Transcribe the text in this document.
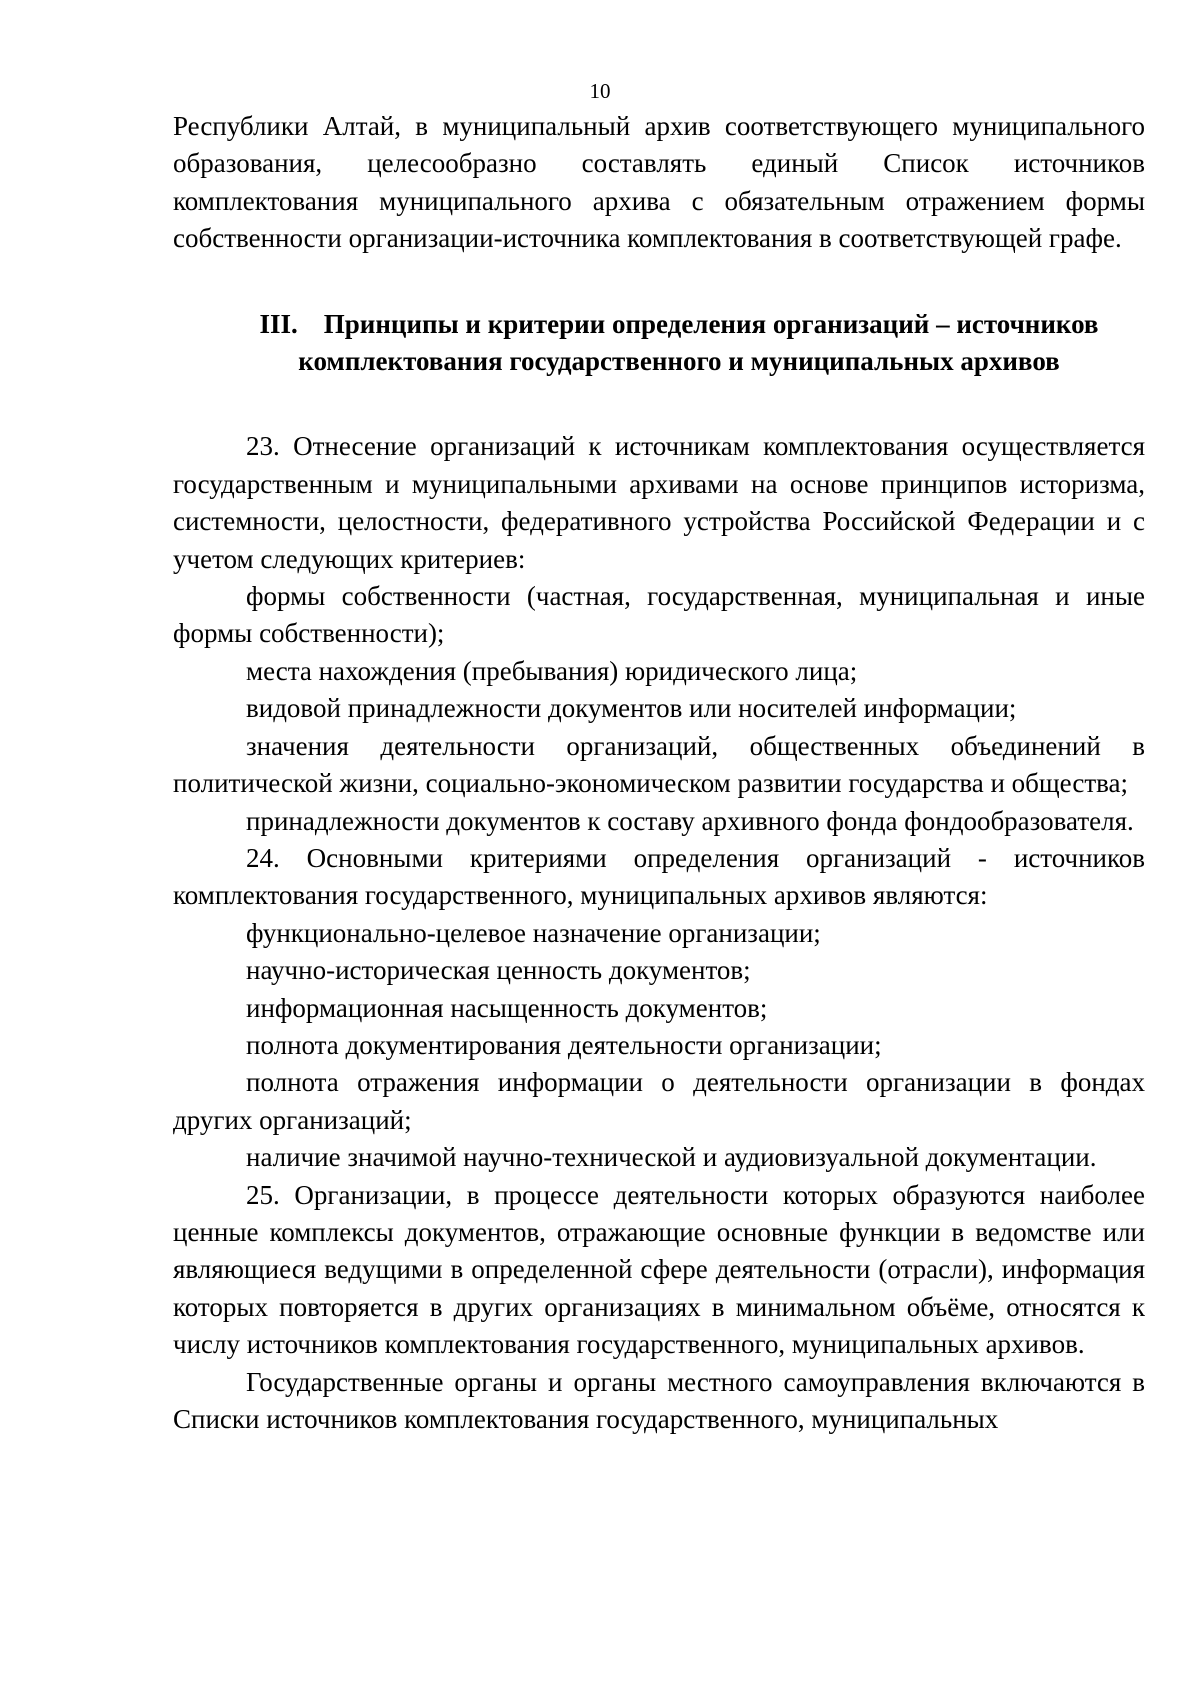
10

Республики Алтай, в муниципальный архив соответствующего муниципального образования, целесообразно составлять единый Список источников комплектования муниципального архива с обязательным отражением формы собственности организации-источника комплектования в соответствующей графе.

III. Принципы и критерии определения организаций – источников
комплектования государственного и муниципальных архивов

23. Отнесение организаций к источникам комплектования осуществляется государственным и муниципальными архивами на основе принципов историзма, системности, целостности, федеративного устройства Российской Федерации и с учетом следующих критериев:

формы собственности (частная, государственная, муниципальная и иные формы собственности);

места нахождения (пребывания) юридического лица;

видовой принадлежности документов или носителей информации;

значения деятельности организаций, общественных объединений в политической жизни, социально-экономическом развитии государства и общества;

принадлежности документов к составу архивного фонда фондообразователя.

24. Основными критериями определения организаций - источников комплектования государственного, муниципальных архивов являются:

функционально-целевое назначение организации;

научно-историческая ценность документов;

информационная насыщенность документов;

полнота документирования деятельности организации;

полнота отражения информации о деятельности организации в фондах других организаций;

наличие значимой научно-технической и аудиовизуальной документации.

25. Организации, в процессе деятельности которых образуются наиболее ценные комплексы документов, отражающие основные функции в ведомстве или являющиеся ведущими в определенной сфере деятельности (отрасли), информация которых повторяется в других организациях в минимальном объёме, относятся к числу источников комплектования государственного, муниципальных архивов.

Государственные органы и органы местного самоуправления включаются в Списки источников комплектования государственного, муниципальных
